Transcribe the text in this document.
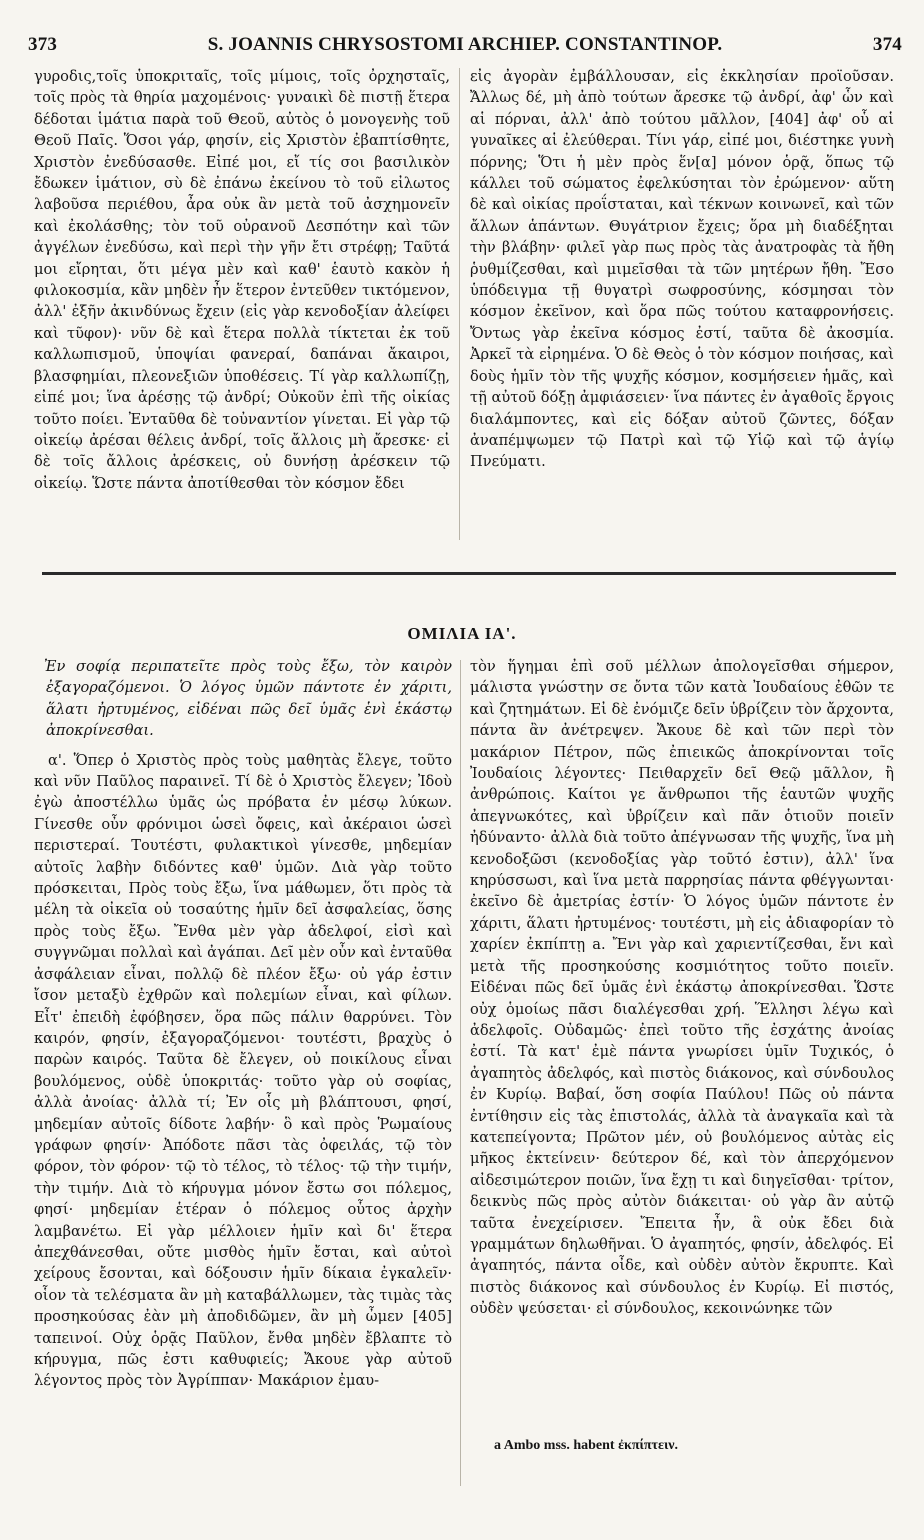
373	S. JOANNIS CHRYSOSTOMI ARCHIEP. CONSTANTINOP.	374

γυροδις,τοῖς ὑποκριταῖς, τοῖς μίμοις, τοῖς ὀρχησταῖς, τοῖς πρὸς τὰ θηρία μαχομένοις· γυναικὶ δὲ πιστῇ ἕτερα δέδοται ἱμάτια παρὰ τοῦ Θεοῦ, αὐτὸς ὁ μονογενὴς τοῦ Θεοῦ Παῖς. Ὅσοι γάρ, φησίν, εἰς Χριστὸν ἐβαπτίσθητε, Χριστὸν ἐνεδύσασθε. Εἰπέ μοι, εἴ τίς σοι βασιλικὸν ἔδωκεν ἱμάτιον, σὺ δὲ ἐπάνω ἐκείνου τὸ τοῦ εἰλωτος λαβοῦσα περιέθου, ἆρα οὐκ ἂν μετὰ τοῦ ἀσχημονεῖν καὶ ἐκολάσθης; τὸν τοῦ οὐρανοῦ Δεσπότην καὶ τῶν ἀγγέλων ἐνεδύσω, καὶ περὶ τὴν γῆν ἔτι στρέφῃ; Ταῦτά μοι εἴρηται, ὅτι μέγα μὲν καὶ καθ' ἑαυτὸ κακὸν ἡ φιλοκοσμία, κἂν μηδὲν ἦν ἕτερον ἐντεῦθεν τικτόμενον, ἀλλ' ἐξῆν ἀκινδύνως ἔχειν (εἰς γὰρ κενοδοξίαν ἀλείφει καὶ τῦφον)· νῦν δὲ καὶ ἕτερα πολλὰ τίκτεται ἐκ τοῦ καλλωπισμοῦ, ὑποψίαι φανεραί, δαπάναι ἄκαιροι, βλασφημίαι, πλεονεξιῶν ὑποθέσεις. Τί γὰρ καλλωπίζῃ, εἰπέ μοι; ἵνα ἀρέσῃς τῷ ἀνδρί; Οὐκοῦν ἐπὶ τῆς οἰκίας τοῦτο ποίει. Ἐνταῦθα δὲ τοὐναντίον γίνεται. Εἰ γὰρ τῷ οἰκείῳ ἀρέσαι θέλεις ἀνδρί, τοῖς ἄλλοις μὴ ἄρεσκε· εἰ δὲ τοῖς ἄλλοις ἀρέσκεις, οὐ δυνήσῃ ἀρέσκειν τῷ οἰκείῳ. Ὥστε πάντα ἀποτίθεσθαι τὸν κόσμον ἔδει

εἰς ἀγορὰν ἐμβάλλουσαν, εἰς ἐκκλησίαν προϊοῦσαν. Ἄλλως δέ, μὴ ἀπὸ τούτων ἄρεσκε τῷ ἀνδρί, ἀφ' ὧν καὶ αἱ πόρναι, ἀλλ' ἀπὸ τούτου μᾶλλον, [404] ἀφ' οὗ αἱ γυναῖκες αἱ ἐλεύθεραι. Τίνι γάρ, εἰπέ μοι, διέστηκε γυνὴ πόρνης; Ὅτι ἡ μὲν πρὸς ἕν[α] μόνον ὁρᾷ, ὅπως τῷ κάλλει τοῦ σώματος ἐφελκύσηται τὸν ἐρώμενον· αὕτη δὲ καὶ οἰκίας προΐσταται, καὶ τέκνων κοινωνεῖ, καὶ τῶν ἄλλων ἁπάντων. Θυγάτριον ἔχεις; ὅρα μὴ διαδέξηται τὴν βλάβην· φιλεῖ γὰρ πως πρὸς τὰς ἀνατροφὰς τὰ ἤθη ῥυθμίζεσθαι, καὶ μιμεῖσθαι τὰ τῶν μητέρων ἤθη. Ἔσο ὑπόδειγμα τῇ θυγατρὶ σωφροσύνης, κόσμησαι τὸν κόσμον ἐκεῖνον, καὶ ὅρα πῶς τούτου καταφρονήσεις. Ὄντως γὰρ ἐκεῖνα κόσμος ἐστί, ταῦτα δὲ ἀκοσμία. Ἀρκεῖ τὰ εἰρημένα. Ὁ δὲ Θεὸς ὁ τὸν κόσμον ποιήσας, καὶ δοὺς ἡμῖν τὸν τῆς ψυχῆς κόσμον, κοσμήσειεν ἡμᾶς, καὶ τῇ αὐτοῦ δόξῃ ἀμφιάσειεν· ἵνα πάντες ἐν ἀγαθοῖς ἔργοις διαλάμποντες, καὶ εἰς δόξαν αὐτοῦ ζῶντες, δόξαν ἀναπέμψωμεν τῷ Πατρὶ καὶ τῷ Υἱῷ καὶ τῷ ἁγίῳ Πνεύματι.

ΟΜΙΛΙΑ ΙΑ'.

Ἐν σοφίᾳ περιπατεῖτε πρὸς τοὺς ἔξω, τὸν καιρὸν ἐξαγοραζόμενοι. Ὁ λόγος ὑμῶν πάντοτε ἐν χάριτι, ἅλατι ἠρτυμένος, εἰδέναι πῶς δεῖ ὑμᾶς ἑνὶ ἑκάστῳ ἀποκρίνεσθαι.

α'. Ὅπερ ὁ Χριστὸς πρὸς τοὺς μαθητὰς ἔλεγε, τοῦτο καὶ νῦν Παῦλος παραινεῖ. Τί δὲ ὁ Χριστὸς ἔλεγεν; Ἰδοὺ ἐγὼ ἀποστέλλω ὑμᾶς ὡς πρόβατα ἐν μέσῳ λύκων. Γίνεσθε οὖν φρόνιμοι ὡσεὶ ὄφεις, καὶ ἀκέραιοι ὡσεὶ περιστεραί. Τουτέστι, φυλακτικοὶ γίνεσθε, μηδεμίαν αὐτοῖς λαβὴν διδόντες καθ' ὑμῶν. Διὰ γὰρ τοῦτο πρόσκειται, Πρὸς τοὺς ἔξω, ἵνα μάθωμεν, ὅτι πρὸς τὰ μέλη τὰ οἰκεῖα οὐ τοσαύτης ἡμῖν δεῖ ἀσφαλείας, ὅσης πρὸς τοὺς ἔξω. Ἔνθα μὲν γὰρ ἀδελφοί, εἰσὶ καὶ συγγνῶμαι πολλαὶ καὶ ἀγάπαι. Δεῖ μὲν οὖν καὶ ἐνταῦθα ἀσφάλειαν εἶναι, πολλῷ δὲ πλέον ἔξω· οὐ γάρ ἐστιν ἴσον μεταξὺ ἐχθρῶν καὶ πολεμίων εἶναι, καὶ φίλων. Εἶτ' ἐπειδὴ ἐφόβησεν, ὅρα πῶς πάλιν θαρρύνει. Τὸν καιρόν, φησίν, ἐξαγοραζόμενοι· τουτέστι, βραχὺς ὁ παρὼν καιρός. Ταῦτα δὲ ἔλεγεν, οὐ ποικίλους εἶναι βουλόμενος, οὐδὲ ὑποκριτάς· τοῦτο γὰρ οὐ σοφίας, ἀλλὰ ἀνοίας· ἀλλὰ τί; Ἐν οἷς μὴ βλάπτουσι, φησί, μηδεμίαν αὐτοῖς δίδοτε λαβήν· ὃ καὶ πρὸς Ῥωμαίους γράφων φησίν· Ἀπόδοτε πᾶσι τὰς ὀφειλάς, τῷ τὸν φόρον, τὸν φόρον· τῷ τὸ τέλος, τὸ τέλος· τῷ τὴν τιμήν, τὴν τιμήν. Διὰ τὸ κήρυγμα μόνον ἔστω σοι πόλεμος, φησί· μηδεμίαν ἑτέραν ὁ πόλεμος οὗτος ἀρχὴν λαμβανέτω. Εἰ γὰρ μέλλοιεν ἡμῖν καὶ δι' ἕτερα ἀπεχθάνεσθαι, οὔτε μισθὸς ἡμῖν ἔσται, καὶ αὐτοὶ χείρους ἔσονται, καὶ δόξουσιν ἡμῖν δίκαια ἐγκαλεῖν· οἷον τὰ τελέσματα ἂν μὴ καταβάλλωμεν, τὰς τιμὰς τὰς προσηκούσας ἐὰν μὴ ἀποδιδῶμεν, ἂν μὴ ὦμεν [405] ταπεινοί. Οὐχ ὁρᾷς Παῦλον, ἔνθα μηδὲν ἔβλαπτε τὸ κήρυγμα, πῶς ἐστι καθυφιείς; Ἄκουε γὰρ αὐτοῦ λέγοντος πρὸς τὸν Ἀγρίππαν· Μακάριον ἐμαυ-

τὸν ἥγημαι ἐπὶ σοῦ μέλλων ἀπολογεῖσθαι σήμερον, μάλιστα γνώστην σε ὄντα τῶν κατὰ Ἰουδαίους ἐθῶν τε καὶ ζητημάτων. Εἰ δὲ ἐνόμιζε δεῖν ὑβρίζειν τὸν ἄρχοντα, πάντα ἂν ἀνέτρεψεν. Ἄκουε δὲ καὶ τῶν περὶ τὸν μακάριον Πέτρον, πῶς ἐπιεικῶς ἀποκρίνονται τοῖς Ἰουδαίοις λέγοντες· Πειθαρχεῖν δεῖ Θεῷ μᾶλλον, ἢ ἀνθρώποις. Καίτοι γε ἄνθρωποι τῆς ἑαυτῶν ψυχῆς ἀπεγνωκότες, καὶ ὑβρίζειν καὶ πᾶν ὁτιοῦν ποιεῖν ἠδύναντο· ἀλλὰ διὰ τοῦτο ἀπέγνωσαν τῆς ψυχῆς, ἵνα μὴ κενοδοξῶσι (κενοδοξίας γὰρ τοῦτό ἐστιν), ἀλλ' ἵνα κηρύσσωσι, καὶ ἵνα μετὰ παρρησίας πάντα φθέγγωνται· ἐκεῖνο δὲ ἀμετρίας ἐστίν· Ὁ λόγος ὑμῶν πάντοτε ἐν χάριτι, ἅλατι ἠρτυμένος· τουτέστι, μὴ εἰς ἀδιαφορίαν τὸ χαρίεν ἐκπίπτῃ a. Ἔνι γὰρ καὶ χαριεντίζεσθαι, ἔνι καὶ μετὰ τῆς προσηκούσης κοσμιότητος τοῦτο ποιεῖν. Εἰδέναι πῶς δεῖ ὑμᾶς ἑνὶ ἑκάστῳ ἀποκρίνεσθαι. Ὥστε οὐχ ὁμοίως πᾶσι διαλέγεσθαι χρή. Ἕλλησι λέγω καὶ ἀδελφοῖς. Οὐδαμῶς· ἐπεὶ τοῦτο τῆς ἐσχάτης ἀνοίας ἐστί. Τὰ κατ' ἐμὲ πάντα γνωρίσει ὑμῖν Τυχικός, ὁ ἀγαπητὸς ἀδελφός, καὶ πιστὸς διάκονος, καὶ σύνδουλος ἐν Κυρίῳ. Βαβαί, ὅση σοφία Παύλου! Πῶς οὐ πάντα ἐντίθησιν εἰς τὰς ἐπιστολάς, ἀλλὰ τὰ ἀναγκαῖα καὶ τὰ κατεπείγοντα; Πρῶτον μέν, οὐ βουλόμενος αὐτὰς εἰς μῆκος ἐκτείνειν· δεύτερον δέ, καὶ τὸν ἀπερχόμενον αἰδεσιμώτερον ποιῶν, ἵνα ἔχῃ τι καὶ διηγεῖσθαι· τρίτον, δεικνὺς πῶς πρὸς αὐτὸν διάκειται· οὐ γὰρ ἂν αὐτῷ ταῦτα ἐνεχείρισεν. Ἔπειτα ἦν, ἃ οὐκ ἔδει διὰ γραμμάτων δηλωθῆναι. Ὁ ἀγαπητός, φησίν, ἀδελφός. Εἰ ἀγαπητός, πάντα οἶδε, καὶ οὐδὲν αὐτὸν ἔκρυπτε. Καὶ πιστὸς διάκονος καὶ σύνδουλος ἐν Κυρίῳ. Εἰ πιστός, οὐδὲν ψεύσεται· εἰ σύνδουλος, κεκοινώνηκε τῶν

a Ambo mss. habent ἐκπίπτειν.
